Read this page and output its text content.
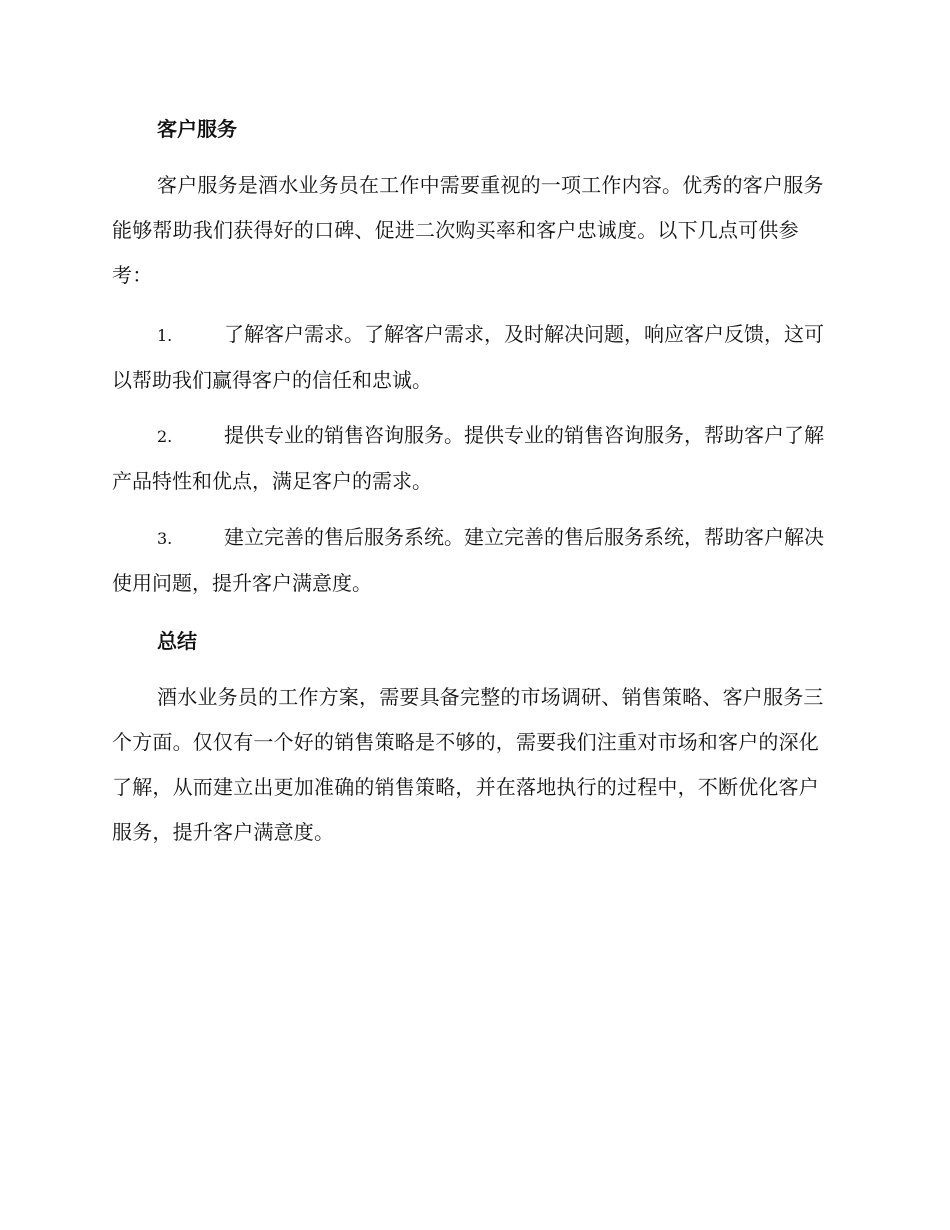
客户服务
客户服务是酒水业务员在工作中需要重视的一项工作内容。优秀的客户服务能够帮助我们获得好的口碑、促进二次购买率和客户忠诚度。以下几点可供参考：
1.	了解客户需求。了解客户需求，及时解决问题，响应客户反馈，这可以帮助我们赢得客户的信任和忠诚。
2.	提供专业的销售咨询服务。提供专业的销售咨询服务，帮助客户了解产品特性和优点，满足客户的需求。
3.	建立完善的售后服务系统。建立完善的售后服务系统，帮助客户解决使用问题，提升客户满意度。
总结
酒水业务员的工作方案，需要具备完整的市场调研、销售策略、客户服务三个方面。仅仅有一个好的销售策略是不够的，需要我们注重对市场和客户的深化了解，从而建立出更加准确的销售策略，并在落地执行的过程中，不断优化客户服务，提升客户满意度。
